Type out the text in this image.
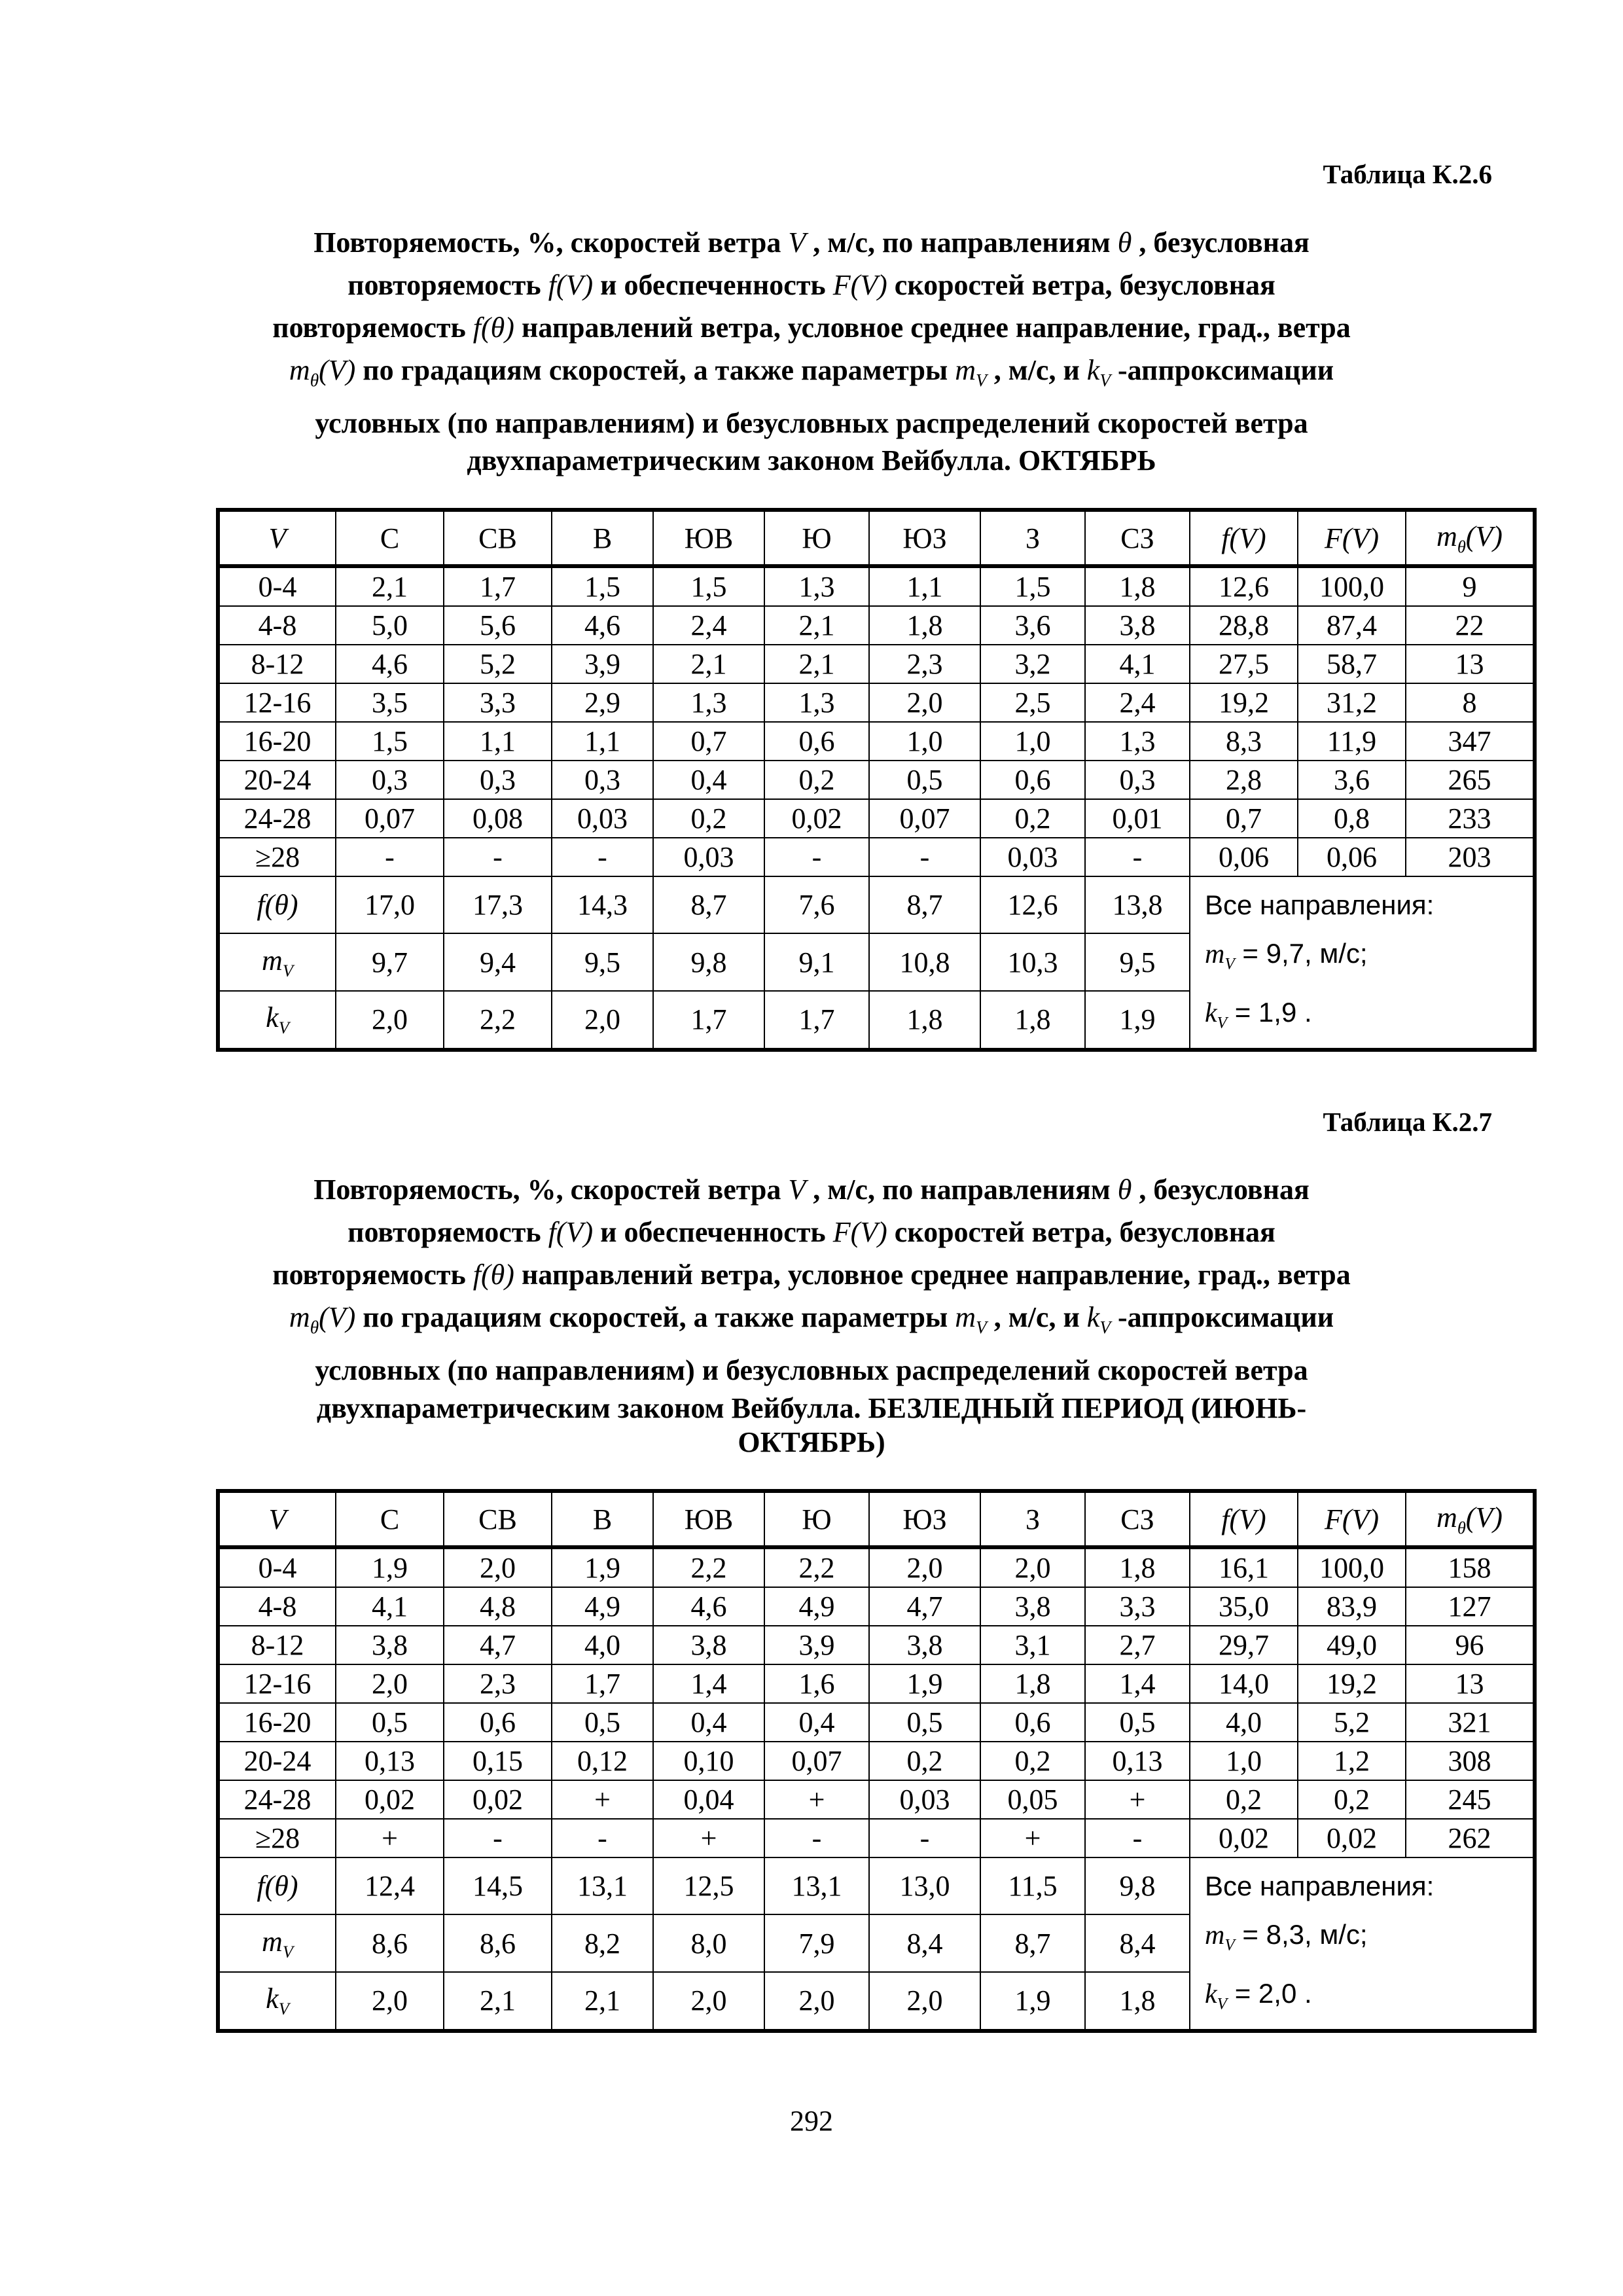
Таблица К.2.6
Повторяемость, %, скоростей ветра V , м/с, по направлениям θ , безусловная
повторяемость f(V) и обеспеченность F(V) скоростей ветра, безусловная
повторяемость f(θ) направлений ветра, условное среднее направление, град., ветра
$m_\theta(V)$ по градациям скоростей, а также параметры $m_V$ , м/с, и $k_V$ -аппроксимации
условных (по направлениям) и безусловных распределений скоростей ветра
двухпараметрическим законом Вейбулла. ОКТЯБРЬ
V	С	СВ	В	ЮВ	Ю	ЮЗ	З	СЗ	f(V)	F(V)	$m_\theta(V)$
0-4	2,1	1,7	1,5	1,5	1,3	1,1	1,5	1,8	12,6	100,0	9
4-8	5,0	5,6	4,6	2,4	2,1	1,8	3,6	3,8	28,8	87,4	22
8-12	4,6	5,2	3,9	2,1	2,1	2,3	3,2	4,1	27,5	58,7	13
12-16	3,5	3,3	2,9	1,3	1,3	2,0	2,5	2,4	19,2	31,2	8
16-20	1,5	1,1	1,1	0,7	0,6	1,0	1,0	1,3	8,3	11,9	347
20-24	0,3	0,3	0,3	0,4	0,2	0,5	0,6	0,3	2,8	3,6	265
24-28	0,07	0,08	0,03	0,2	0,02	0,07	0,2	0,01	0,7	0,8	233
≥28	-	-	-	0,03	-	-	0,03	-	0,06	0,06	203
f(θ)	17,0	17,3	14,3	8,7	7,6	8,7	12,6	13,8	Все направления:
$m_V = 9,7$, м/с;
$k_V = 1,9$ .		

$m_V$	9,7	9,4	9,5	9,8	9,1	10,8	10,3	9,5			
$k_V$	2,0	2,2	2,0	1,7	1,7	1,8	1,8	1,9			
Таблица К.2.7
Повторяемость, %, скоростей ветра V , м/с, по направлениям θ , безусловная
повторяемость f(V) и обеспеченность F(V) скоростей ветра, безусловная
повторяемость f(θ) направлений ветра, условное среднее направление, град., ветра
$m_\theta(V)$ по градациям скоростей, а также параметры $m_V$ , м/с, и $k_V$ -аппроксимации
условных (по направлениям) и безусловных распределений скоростей ветра
двухпараметрическим законом Вейбулла. БЕЗЛЕДНЫЙ ПЕРИОД (ИЮНЬ-
ОКТЯБРЬ)
V	С	СВ	В	ЮВ	Ю	ЮЗ	З	СЗ	f(V)	F(V)	$m_\theta(V)$
0-4	1,9	2,0	1,9	2,2	2,2	2,0	2,0	1,8	16,1	100,0	158
4-8	4,1	4,8	4,9	4,6	4,9	4,7	3,8	3,3	35,0	83,9	127
8-12	3,8	4,7	4,0	3,8	3,9	3,8	3,1	2,7	29,7	49,0	96
12-16	2,0	2,3	1,7	1,4	1,6	1,9	1,8	1,4	14,0	19,2	13
16-20	0,5	0,6	0,5	0,4	0,4	0,5	0,6	0,5	4,0	5,2	321
20-24	0,13	0,15	0,12	0,10	0,07	0,2	0,2	0,13	1,0	1,2	308
24-28	0,02	0,02	+	0,04	+	0,03	0,05	+	0,2	0,2	245
≥28	+	-	-	+	-	-	+	-	0,02	0,02	262
f(θ)	12,4	14,5	13,1	12,5	13,1	13,0	11,5	9,8	Все направления:
$m_V = 8,3$, м/с;
$k_V = 2,0$ .		

$m_V$	8,6	8,6	8,2	8,0	7,9	8,4	8,7	8,4			
$k_V$	2,0	2,1	2,1	2,0	2,0	2,0	1,9	1,8			
292
